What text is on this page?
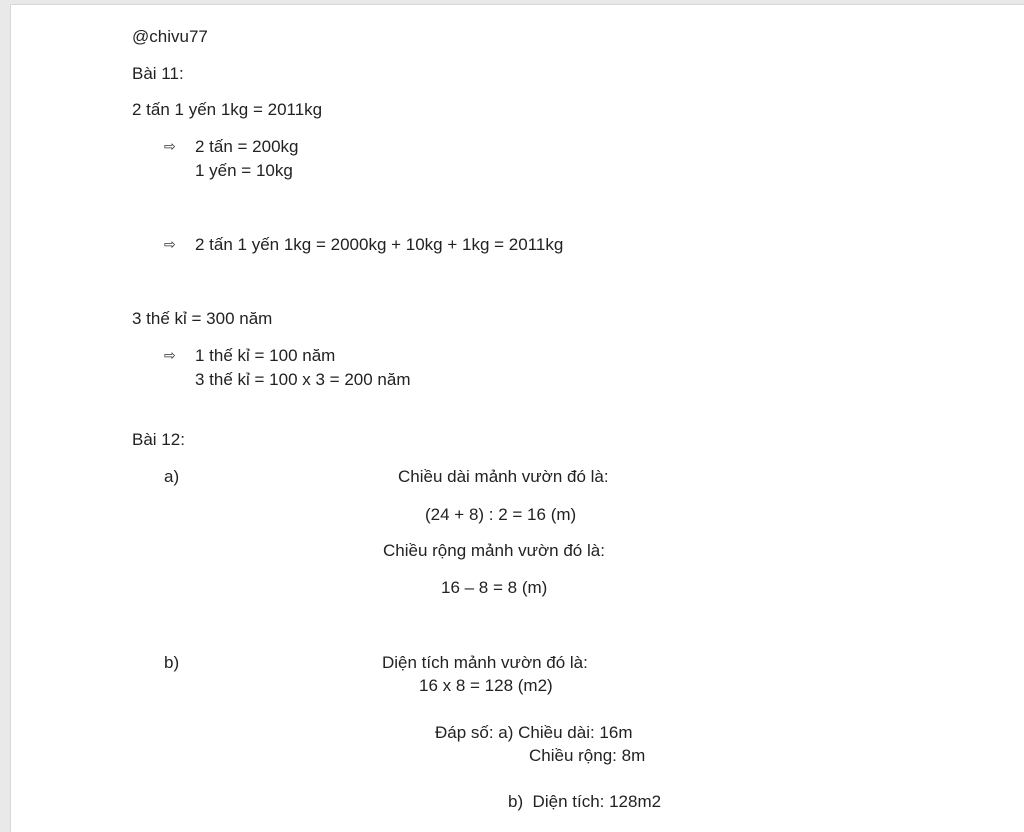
@chivu77
Bài 11:
2 tấn 1 yến 1kg = 2011kg
⇨ 2 tấn = 200kg
1 yến = 10kg
⇨ 2 tấn 1 yến 1kg = 2000kg + 10kg + 1kg = 2011kg
3 thế kỉ = 300 năm
⇨ 1 thế kỉ = 100 năm
3 thế kỉ = 100 x 3 = 200 năm
Bài 12:
a)	Chiều dài mảnh vườn đó là:
(24 + 8) : 2 = 16 (m)
Chiều rộng mảnh vườn đó là:
16 – 8 = 8 (m)
b)	Diện tích mảnh vườn đó là:
16 x 8 = 128 (m2)
Đáp số: a) Chiều dài: 16m
Chiều rộng: 8m
b)  Diện tích: 128m2
